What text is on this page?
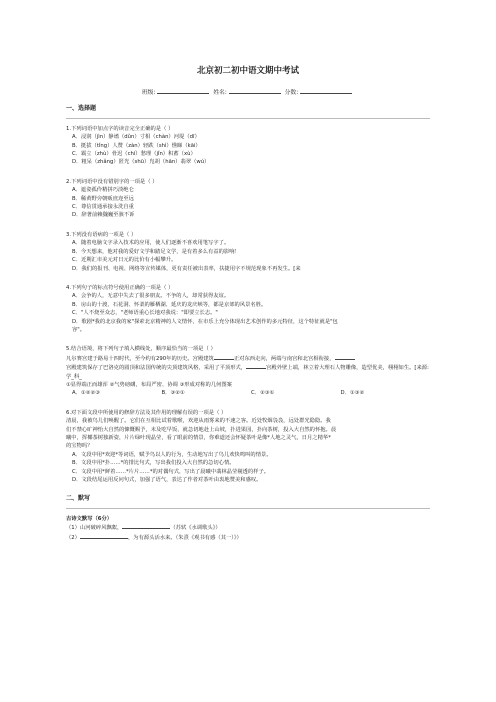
北京初二初中语文期中考试
班级:	姓名:	分数:
一、选择题

1.下列词语中加点字的读音完全正确的是（ ）

A．浸润（jìn）静谧（dǔn）寸相（chàn）河堤（dī）

B．挺拔（tǐng）人赞（zàn）轻跌（shì）憔睇（kāi）

C．霸立（zhù）骨迟（chí）愁理（jǐn）积蓄（xù）

D．粗呆（zhǎng）匿光（shū）凫胡（hān）翡翠（wú）

2.下列词语中没有错别字的一项是（ ）

A．遮姿孤伶精拼巧淡绝仑

B．稀黄野旁朝贩庶迩至远

C．尊信贯通承接永洗自重

D．辞著前赖魏巍至骇不诉

3.下列没有语病的一项是（ ）

A．随着电脑文字录入技术的应用，使人们逐渐不喜欢用笔写字了。

B．今天想来，他对我的爱好文学和踏足文学，是有着多么有益的影响！

C．近期汇市美元对日元的比价有小幅攀升。

D．我们的报刊、电视、网络等宣传媒体，更有责任被出表率，扶捷用字不规范现象不再发生。[来

4.下列句子的标点符号使用正确的一项是（ ）

A．会争的人，无意中失去了很多朋友。不争的人，却常获得友谊。

B．房山的十渡、石花洞、怀柔的雁栖湖、延庆的龙庆峡等，都是京郊的风景名胜。

C．"人不烧至众志，"老师语重心长地对我说："即要立长志。"

D．歌剧*我的北京我的家"探索北京精神的人文情怀，在市乐上充分体现出艺术创作的多元特征，这个特征就是"包

容"。

5.结合语境，将下列句子填入横线处，顺序最恰当的一项是（ ）

凡尔赛宫建于路易十四时代，至今约有290年的历史。宫殿建筑	正对东西走向，两端与南宫和北宫相衔接，

宫殿建筑保存了巴洛克的圆顶和法国传统的尖顶建筑风格，采用了平顶形式，	宫殿外壁上端，林立着大理石人物雕像，造型优美，栩栩如生。[来源:学_科_

①显得端正而雄浑 ②气势磅礴，布局严密、协调 ③形成对称的几何图案

A．①②②③	B．③②①	C．②③①	D．①③②

6.对下面文段中所使用的修辞方法及其作用的理解有误的一项是（ ）

清晨，我被鸟儿们唤醒了。它们在互相比试着歌喉，欢迎从雨雾来的不速之客。近处牧烟袅袅，远处群光隐隐。我

们不禁心旷神怡大自然的慷慨赐予，未及吃早饭，就急切地赴上山坡，扑进果园，扑向茶树，投入大自然的怀抱。晨

曦中，挥椰茶树独新姿，片片绿叶现晶莹，看了眼前的情景，你难道还会怀疑茶叶是像*人地之灵气，日月之精华*

的宝物吗？

A．文段中用*欢迎*等词语，赋予鸟以人的行为，生动地写出了鸟儿欢快鸣叫的情景。

B．文段中用*扑……*的排比句式，写出我们投入大自然的急切心情。

C．文段中用*鲜着……*片片……*的对偶句式，写出了晨曦中翡林晶莹剔透的样子。

D．文段结尾运用反问句式，加强了语气，表达了作者对茶叶由衷地赞美和感叹。

二、默写

古诗文默写（6分）

（1）山河破碎风飘絮，	（苏轼《水调歌头》）

（2）	，为有源头活水来。（朱熹《观书有感（其一）》）
